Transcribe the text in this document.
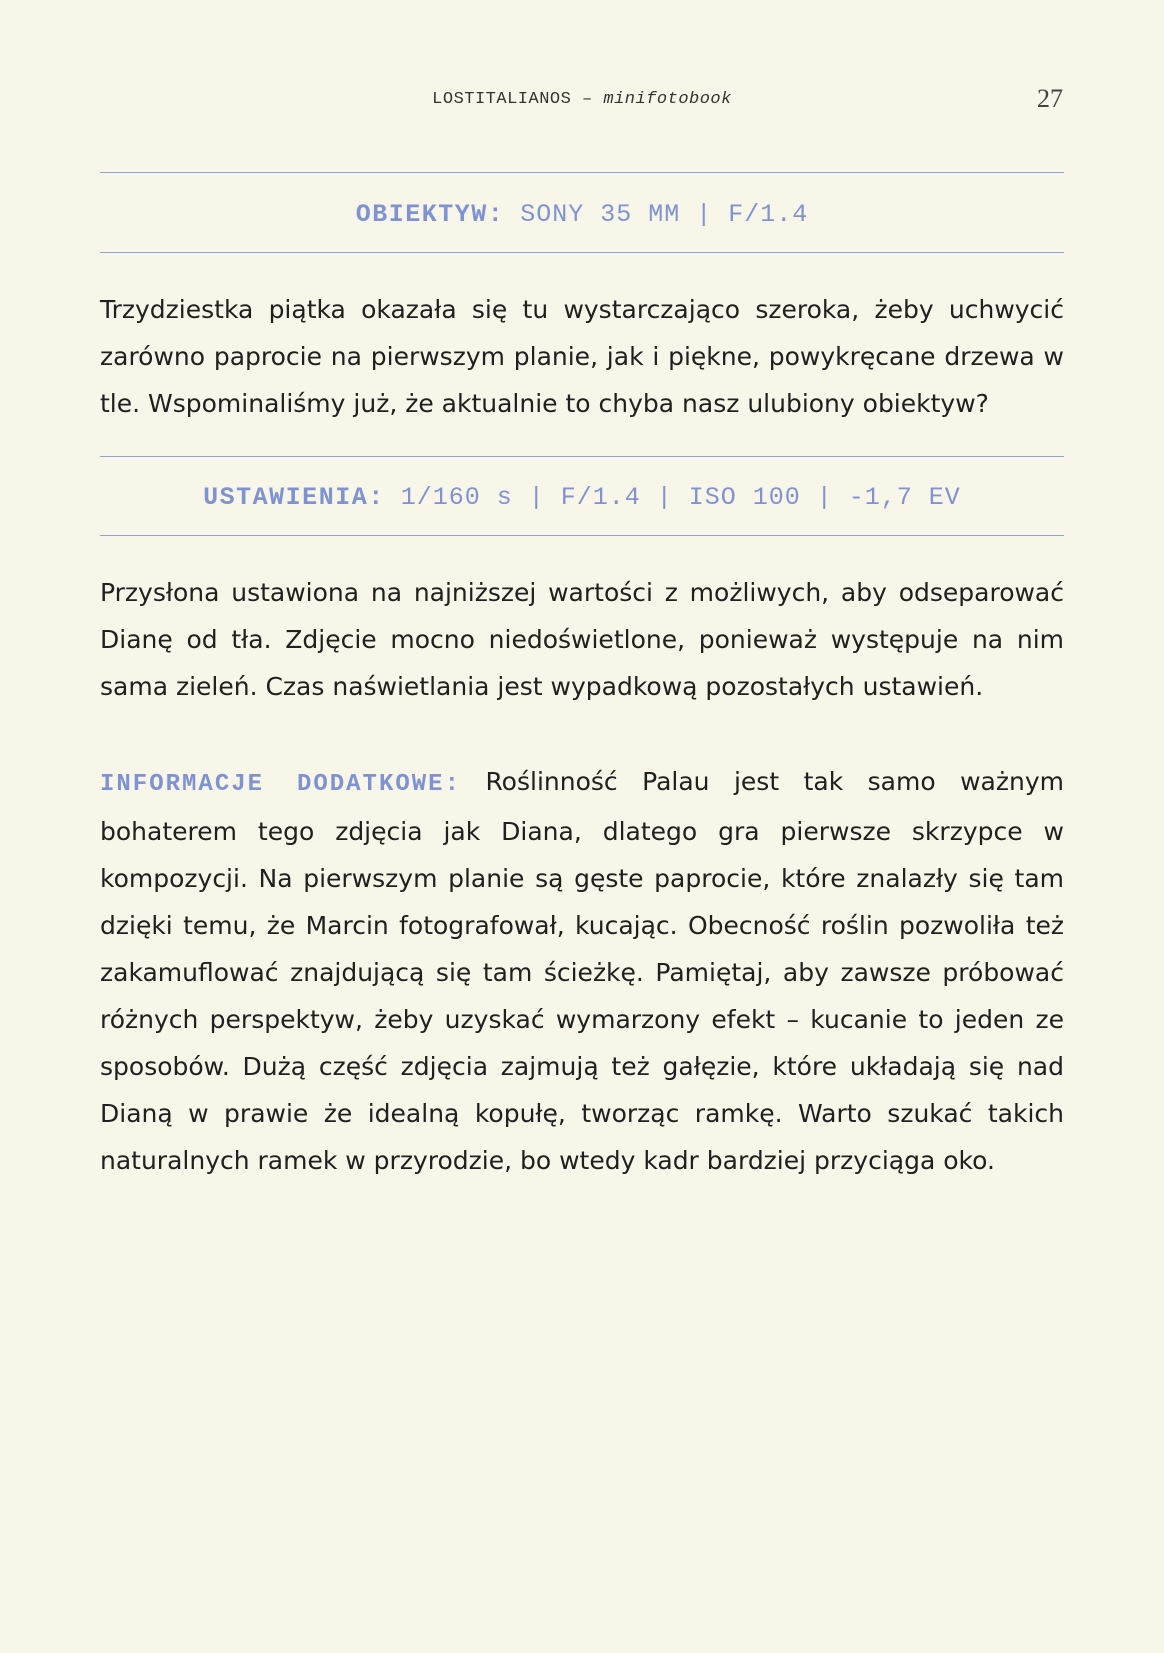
LOSTITALIANOS – minifotobook	27
OBIEKTYW: SONY 35 MM | F/1.4

Trzydziestka piątka okazała się tu wystarczająco szeroka, żeby uchwycić zarówno paprocie na pierwszym planie, jak i piękne, powykręcane drzewa w tle. Wspominaliśmy już, że aktualnie to chyba nasz ulubiony obiektyw?

USTAWIENIA: 1/160 s | F/1.4 | ISO 100 | -1,7 EV

Przysłona ustawiona na najniższej wartości z możliwych, aby odseparować Dianę od tła. Zdjęcie mocno niedoświetlone, ponieważ występuje na nim sama zieleń. Czas naświetlania jest wypadkową pozostałych ustawień.

INFORMACJE DODATKOWE: Roślinność Palau jest tak samo ważnym bohaterem tego zdjęcia jak Diana, dlatego gra pierwsze skrzypce w kompozycji. Na pierwszym planie są gęste paprocie, które znalazły się tam dzięki temu, że Marcin fotografował, kucając. Obecność roślin pozwoliła też zakamuflować znajdującą się tam ścieżkę. Pamiętaj, aby zawsze próbować różnych perspektyw, żeby uzyskać wymarzony efekt – kucanie to jeden ze sposobów. Dużą część zdjęcia zajmują też gałęzie, które układają się nad Dianą w prawie że idealną kopułę, tworząc ramkę. Warto szukać takich naturalnych ramek w przyrodzie, bo wtedy kadr bardziej przyciąga oko.
